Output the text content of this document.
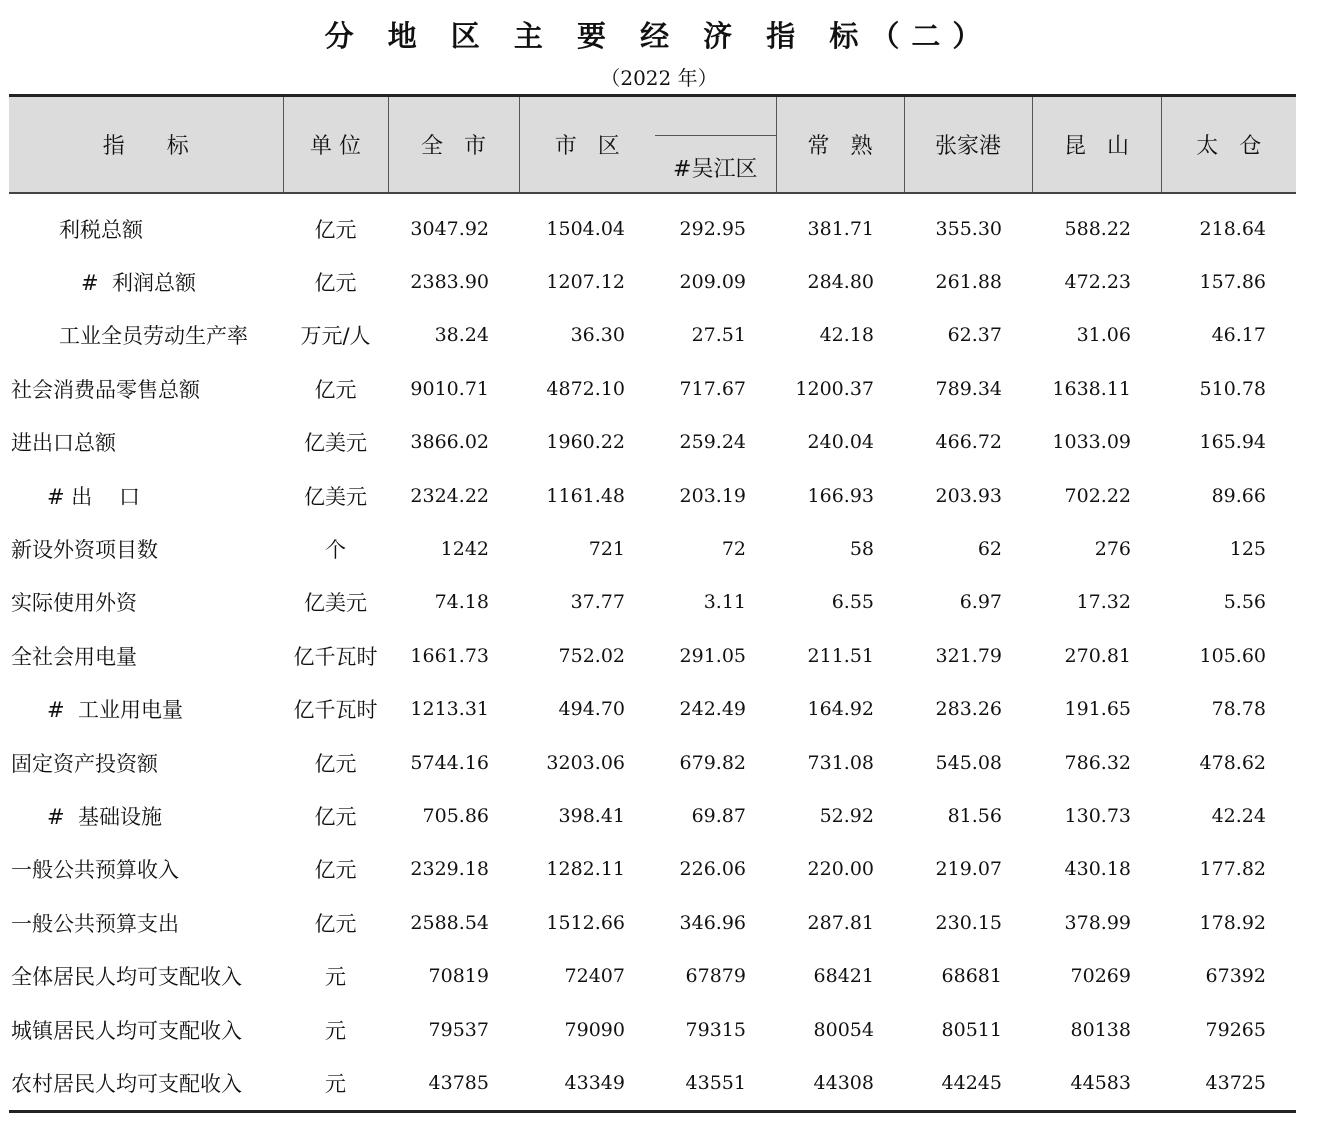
分 地 区 主 要 经 济 指 标（二）
（2022 年）
指      标	单 位	全   市	市   区		常   熟	张家港	昆   山	太   仓
				#吴江区				
利税总额	亿元	3047.92	1504.04	292.95	381.71	355.30	588.22	218.64
#  利润总额	亿元	2383.90	1207.12	209.09	284.80	261.88	472.23	157.86
工业全员劳动生产率	万元/人	38.24	36.30	27.51	42.18	62.37	31.06	46.17
社会消费品零售总额	亿元	9010.71	4872.10	717.67	1200.37	789.34	1638.11	510.78
进出口总额	亿美元	3866.02	1960.22	259.24	240.04	466.72	1033.09	165.94
# 出    口	亿美元	2324.22	1161.48	203.19	166.93	203.93	702.22	89.66
新设外资项目数	个	1242	721	72	58	62	276	125
实际使用外资	亿美元	74.18	37.77	3.11	6.55	6.97	17.32	5.56
全社会用电量	亿千瓦时	1661.73	752.02	291.05	211.51	321.79	270.81	105.60
#  工业用电量	亿千瓦时	1213.31	494.70	242.49	164.92	283.26	191.65	78.78
固定资产投资额	亿元	5744.16	3203.06	679.82	731.08	545.08	786.32	478.62
#  基础设施	亿元	705.86	398.41	69.87	52.92	81.56	130.73	42.24
一般公共预算收入	亿元	2329.18	1282.11	226.06	220.00	219.07	430.18	177.82
一般公共预算支出	亿元	2588.54	1512.66	346.96	287.81	230.15	378.99	178.92
全体居民人均可支配收入	元	70819	72407	67879	68421	68681	70269	67392
城镇居民人均可支配收入	元	79537	79090	79315	80054	80511	80138	79265
农村居民人均可支配收入	元	43785	43349	43551	44308	44245	44583	43725
